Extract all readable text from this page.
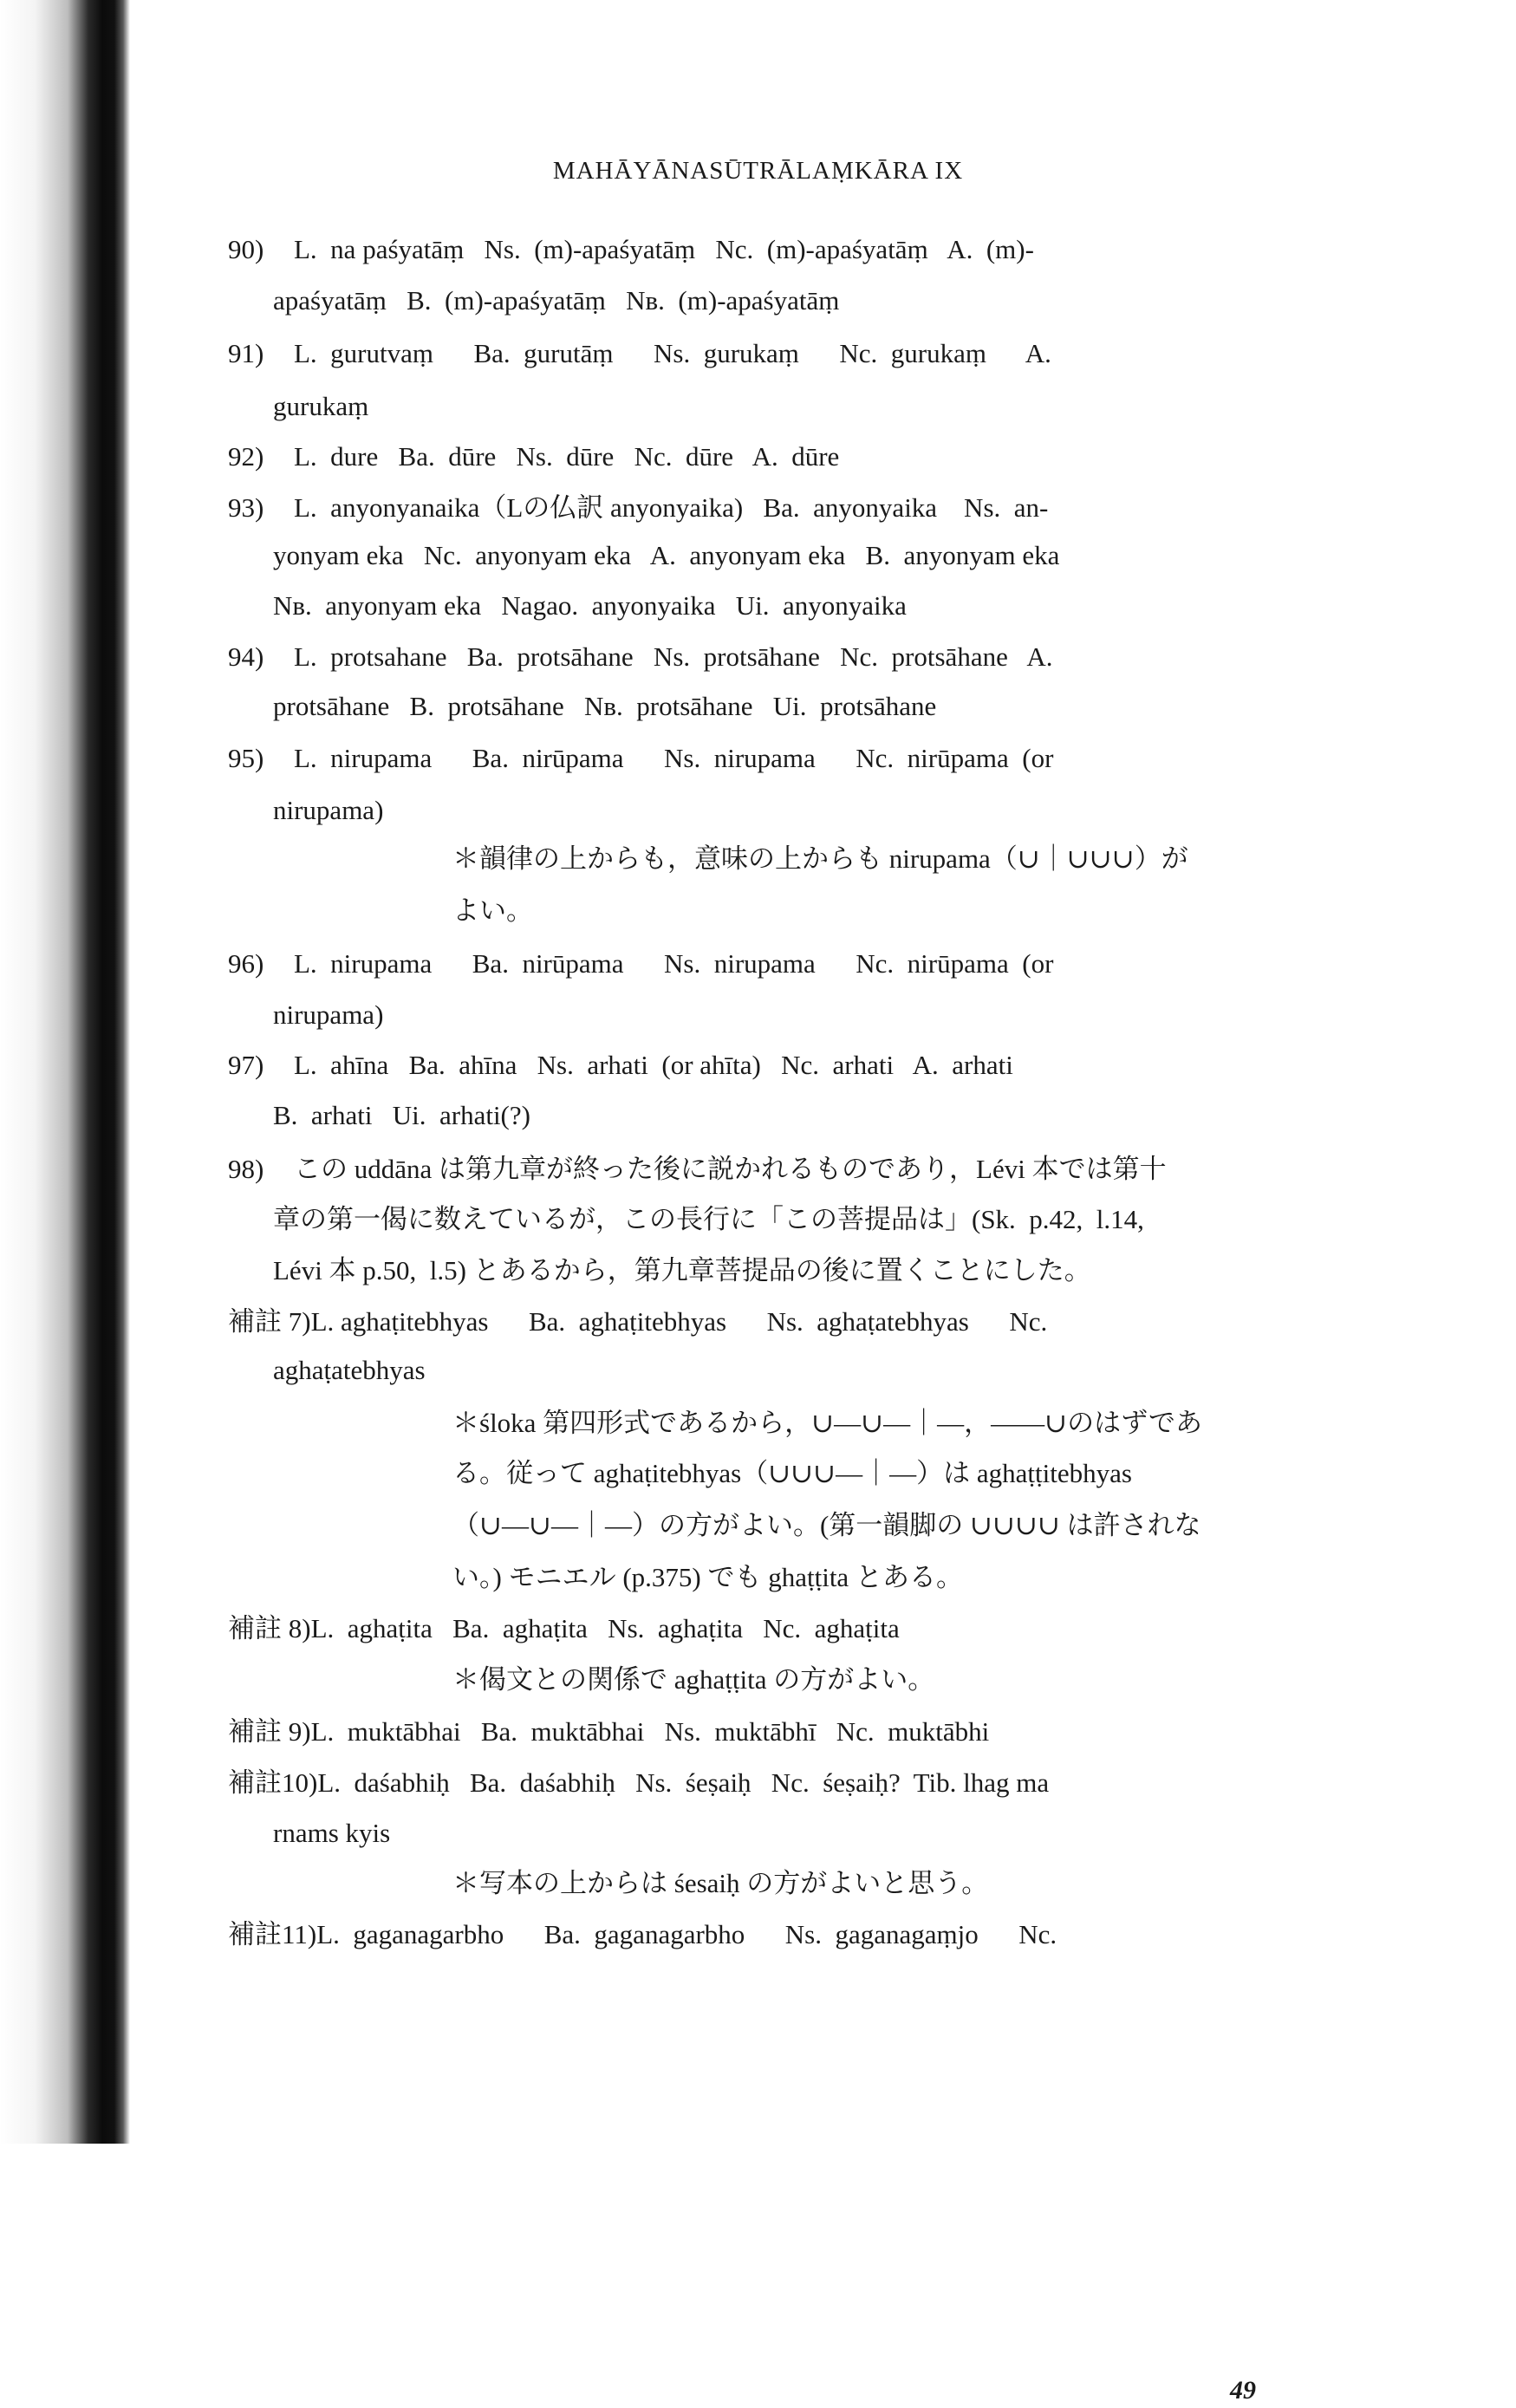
MAHĀYĀNASŪTRĀLAṂKĀRA IX
90) L.  na paśyatāṃ   Ns.  (m)-apaśyatāṃ   Nc.  (m)-apaśyatāṃ   A.  (m)-
apaśyatāṃ   B.  (m)-apaśyatāṃ   Nʙ.  (m)-apaśyatāṃ
91) L.  gurutvaṃ      Ba.  gurutāṃ      Ns.  gurukaṃ      Nc.  gurukaṃ      A.
gurukaṃ
92) L.  dure   Ba.  dūre   Ns.  dūre   Nc.  dūre   A.  dūre
93) L.  anyonyanaika（Lの仏訳 anyonyaika)   Ba.  anyonyaika    Ns.  an-
yonyam eka   Nc.  anyonyam eka   A.  anyonyam eka   B.  anyonyam eka
Nʙ.  anyonyam eka   Nagao.  anyonyaika   Ui.  anyonyaika
94) L.  protsahane   Ba.  protsāhane   Ns.  protsāhane   Nc.  protsāhane   A.
protsāhane   B.  protsāhane   Nʙ.  protsāhane   Ui.  protsāhane
95) L.  nirupama      Ba.  nirūpama      Ns.  nirupama      Nc.  nirūpama  (or
nirupama)
＊韻律の上からも，意味の上からも nirupama（∪｜∪∪∪）が
よい。
96) L.  nirupama      Ba.  nirūpama      Ns.  nirupama      Nc.  nirūpama  (or
nirupama)
97) L.  ahīna   Ba.  ahīna   Ns.  arhati  (or ahīta)   Nc.  arhati   A.  arhati
B.  arhati   Ui.  arhati(?)
98) この uddāna は第九章が終った後に説かれるものであり，Lévi 本では第十
章の第一偈に数えているが，この長行に「この菩提品は」(Sk.  p.42,  l.14,
Lévi 本 p.50,  l.5) とあるから，第九章菩提品の後に置くことにした。
補註 7)L. aghaṭitebhyas      Ba.  aghaṭitebhyas      Ns.  aghaṭatebhyas      Nc.
aghaṭatebhyas
＊śloka 第四形式であるから，∪—∪—｜—，——∪のはずであ
る。従って aghaṭitebhyas（∪∪∪—｜—）は aghaṭṭitebhyas
（∪—∪—｜—）の方がよい。(第一韻脚の ∪∪∪∪ は許されな
い。) モニエル (p.375) でも ghaṭṭita とある。
補註 8)L.  aghaṭita   Ba.  aghaṭita   Ns.  aghaṭita   Nc.  aghaṭita
＊偈文との関係で aghaṭṭita の方がよい。
補註 9)L.  muktābhai   Ba.  muktābhai   Ns.  muktābhī   Nc.  muktābhi
補註10)L.  daśabhiḥ   Ba.  daśabhiḥ   Ns.  śeṣaiḥ   Nc.  śeṣaiḥ?  Tib. lhag ma
rnams kyis
＊写本の上からは śesaiḥ の方がよいと思う。
補註11)L.  gaganagarbho      Ba.  gaganagarbho      Ns.  gaganagaṃjo      Nc.
49
